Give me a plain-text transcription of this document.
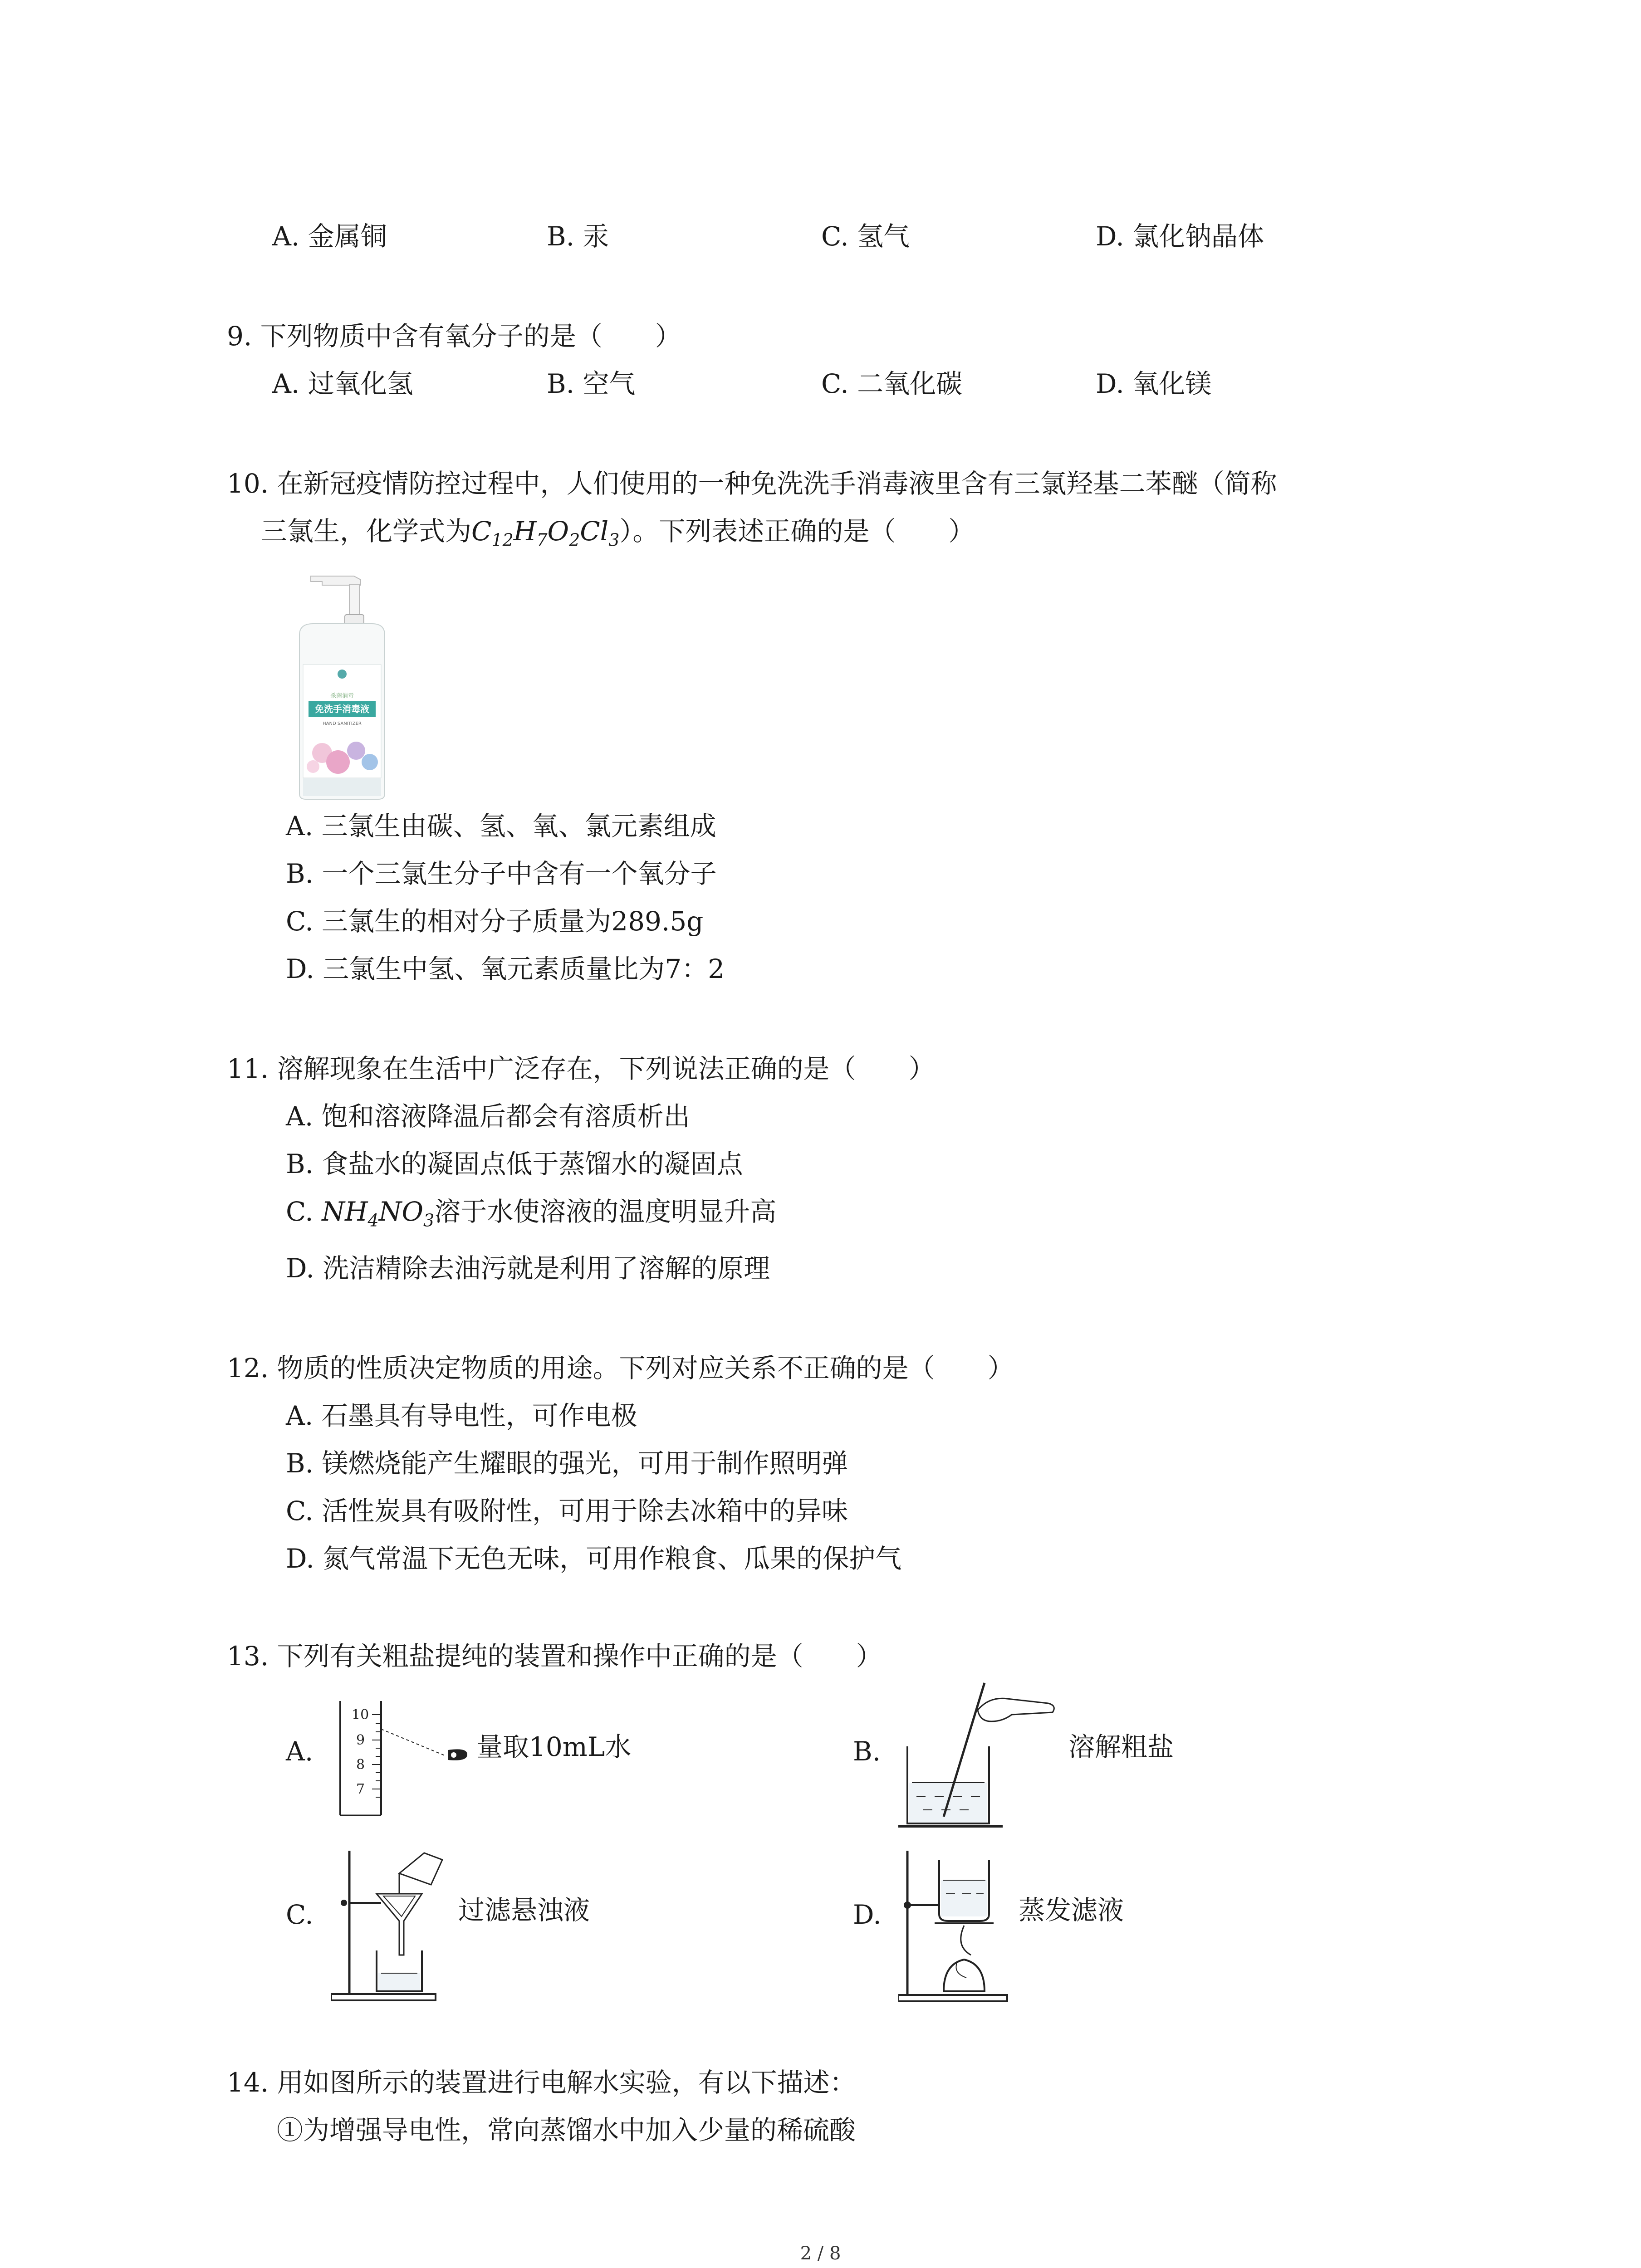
A. 金属铜	B. 汞	C. 氢气	D. 氯化钠晶体
9. 下列物质中含有氧分子的是（　　）
A. 过氧化氢	B. 空气	C. 二氧化碳	D. 氧化镁
10. 在新冠疫情防控过程中，人们使用的一种免洗洗手消毒液里含有三氯羟基二苯醚（简称
三氯生，化学式为$C_{12}H_7O_2Cl_3$）。下列表述正确的是（　　）
杀菌消毒
免洗手消毒液
HAND SANITIZER
A. 三氯生由碳、氢、氧、氯元素组成
B. 一个三氯生分子中含有一个氧分子
C. 三氯生的相对分子质量为289.5g
D. 三氯生中氢、氧元素质量比为7：2
11. 溶解现象在生活中广泛存在，下列说法正确的是（　　）
A. 饱和溶液降温后都会有溶质析出
B. 食盐水的凝固点低于蒸馏水的凝固点
C. $NH_4NO_3$溶于水使溶液的温度明显升高
D. 洗洁精除去油污就是利用了溶解的原理
12. 物质的性质决定物质的用途。下列对应关系不正确的是（　　）
A. 石墨具有导电性，可作电极
B. 镁燃烧能产生耀眼的强光，可用于制作照明弹
C. 活性炭具有吸附性，可用于除去冰箱中的异味
D. 氮气常温下无色无味，可用作粮食、瓜果的保护气
13. 下列有关粗盐提纯的装置和操作中正确的是（　　）
A.
10
9
8
7
量取10mL水	B.	溶解粗盐
C.	过滤悬浊液	D.	蒸发滤液
14. 用如图所示的装置进行电解水实验，有以下描述：
①为增强导电性，常向蒸馏水中加入少量的稀硫酸
2 / 8
